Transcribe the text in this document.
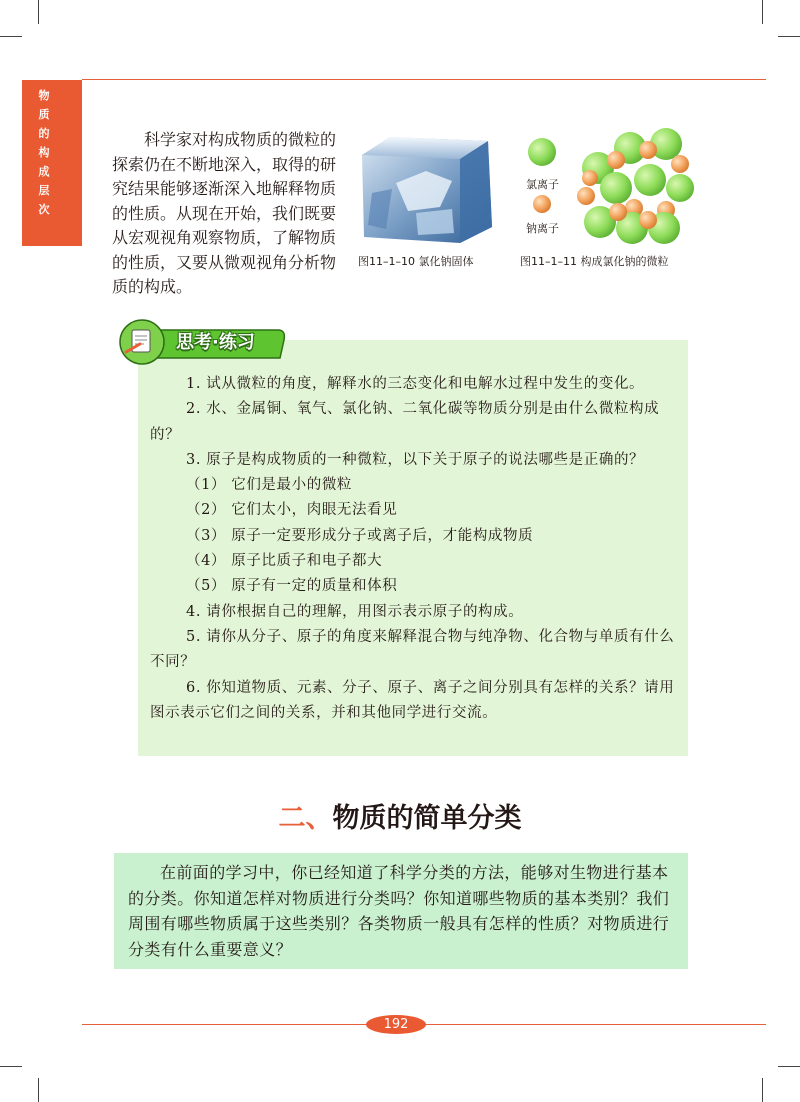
物
质
的
构
成
层
次

科学家对构成物质的微粒的探索仍在不断地深入，取得的研究结果能够逐渐深入地解释物质的性质。从现在开始，我们既要从宏观视角观察物质，了解物质的性质，又要从微观视角分析物质的构成。

图11–1–10 氯化钠固体
氯离子
钠离子
图11–1–11 构成氯化钠的微粒
思考·练习
1. 试从微粒的角度，解释水的三态变化和电解水过程中发生的变化。
2. 水、金属铜、氧气、氯化钠、二氧化碳等物质分别是由什么微粒构成的？
3. 原子是构成物质的一种微粒，以下关于原子的说法哪些是正确的？
（1） 它们是最小的微粒
（2） 它们太小，肉眼无法看见
（3） 原子一定要形成分子或离子后，才能构成物质
（4） 原子比质子和电子都大
（5） 原子有一定的质量和体积
4. 请你根据自己的理解，用图示表示原子的构成。
5. 请你从分子、原子的角度来解释混合物与纯净物、化合物与单质有什么不同？
6. 你知道物质、元素、分子、原子、离子之间分别具有怎样的关系？请用图示表示它们之间的关系，并和其他同学进行交流。
二、物质的简单分类

在前面的学习中，你已经知道了科学分类的方法，能够对生物进行基本的分类。你知道怎样对物质进行分类吗？你知道哪些物质的基本类别？我们周围有哪些物质属于这些类别？各类物质一般具有怎样的性质？对物质进行分类有什么重要意义？

192
